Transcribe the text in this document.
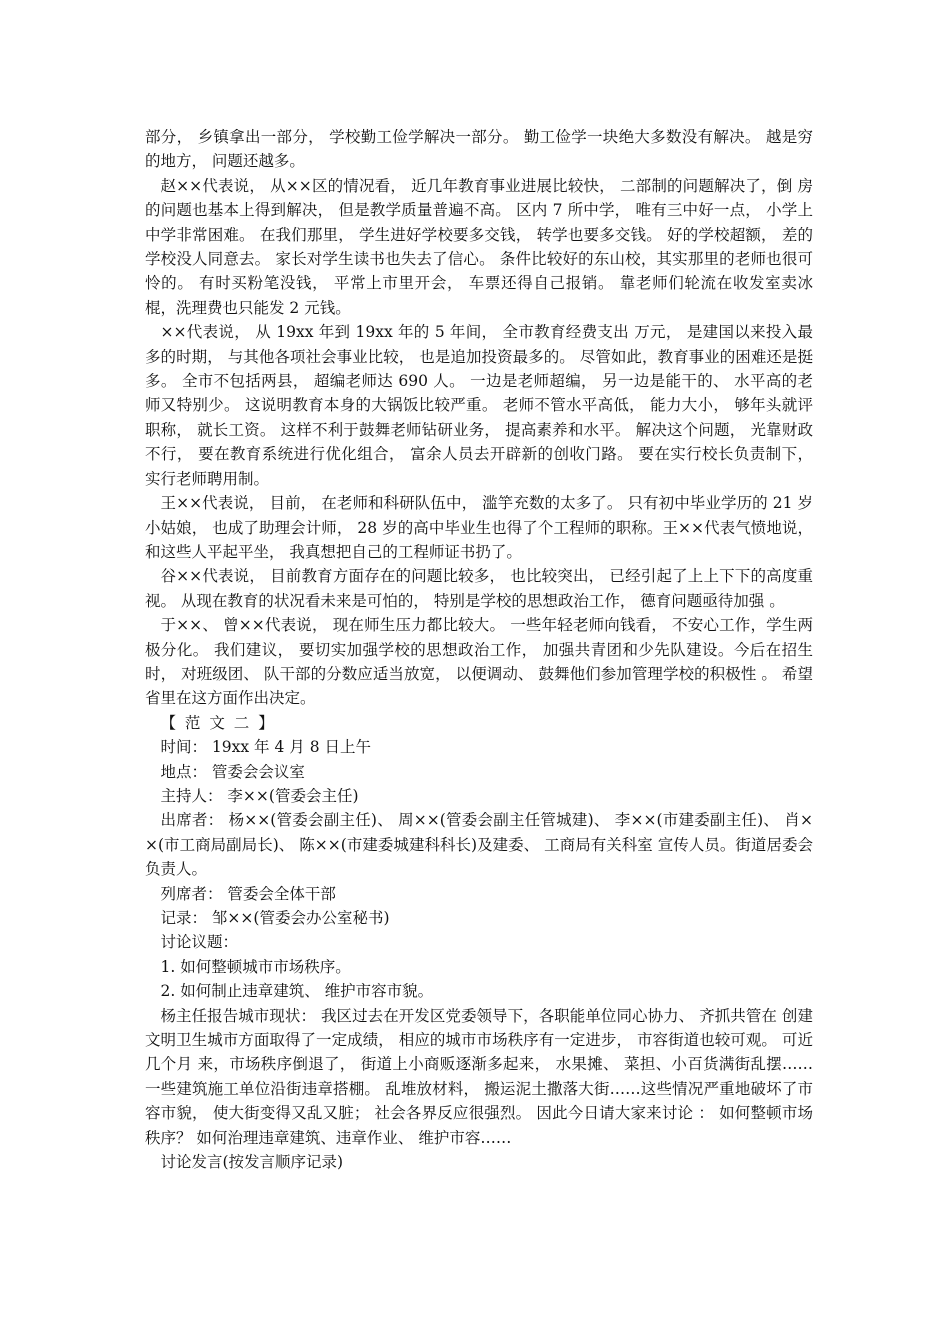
部分， 乡镇拿出一部分， 学校勤工俭学解决一部分。 勤工俭学一块绝大多数没有解决。 越是穷的地方， 问题还越多。

赵××代表说， 从××区的情况看， 近几年教育事业进展比较快， 二部制的问题解决了，倒 房的问题也基本上得到解决， 但是教学质量普遍不高。 区内 7 所中学， 唯有三中好一点， 小学上中学非常困难。 在我们那里， 学生进好学校要多交钱， 转学也要多交钱。 好的学校超额， 差的学校没人同意去。 家长对学生读书也失去了信心。 条件比较好的东山校，其实那里的老师也很可怜的。 有时买粉笔没钱， 平常上市里开会， 车票还得自己报销。 靠老师们轮流在收发室卖冰棍，洗理费也只能发 2 元钱。

××代表说， 从 19xx 年到 19xx 年的 5 年间， 全市教育经费支出 万元， 是建国以来投入最多的时期， 与其他各项社会事业比较， 也是追加投资最多的。 尽管如此，教育事业的困难还是挺多。 全市不包括两县， 超编老师达 690 人。 一边是老师超编， 另一边是能干的、 水平高的老师又特别少。 这说明教育本身的大锅饭比较严重。 老师不管水平高低， 能力大小， 够年头就评职称， 就长工资。 这样不利于鼓舞老师钻研业务， 提高素养和水平。 解决这个问题， 光靠财政不行， 要在教育系统进行优化组合， 富余人员去开辟新的创收门路。 要在实行校长负责制下， 实行老师聘用制。

王××代表说， 目前， 在老师和科研队伍中， 滥竽充数的太多了。 只有初中毕业学历的 21 岁小姑娘， 也成了助理会计师， 28 岁的高中毕业生也得了个工程师的职称。王××代表气愤地说， 和这些人平起平坐， 我真想把自己的工程师证书扔了。

谷××代表说， 目前教育方面存在的问题比较多， 也比较突出， 已经引起了上上下下的高度重视。 从现在教育的状况看未来是可怕的， 特别是学校的思想政治工作， 德育问题亟待加强 。

于××、 曾××代表说， 现在师生压力都比较大。 一些年轻老师向钱看， 不安心工作，学生两极分化。 我们建议， 要切实加强学校的思想政治工作， 加强共青团和少先队建设。今后在招生时， 对班级团、 队干部的分数应适当放宽， 以便调动、 鼓舞他们参加管理学校的积极性 。 希望省里在这方面作出决定。

【 范 文 二 】

时间： 19xx 年 4 月 8 日上午

地点： 管委会会议室

主持人： 李××(管委会主任)

出席者： 杨××(管委会副主任)、 周××(管委会副主任管城建)、 李××(市建委副主任)、 肖××(市工商局副局长)、 陈××(市建委城建科科长)及建委、 工商局有关科室 宣传人员。街道居委会负责人。

列席者： 管委会全体干部

记录： 邹××(管委会办公室秘书)

讨论议题：

1. 如何整顿城市市场秩序。

2. 如何制止违章建筑、 维护市容市貌。

杨主任报告城市现状： 我区过去在开发区党委领导下，各职能单位同心协力、 齐抓共管在 创建文明卫生城市方面取得了一定成绩， 相应的城市市场秩序有一定进步， 市容街道也较可观。 可近几个月 来，市场秩序倒退了， 街道上小商贩逐渐多起来， 水果摊、 菜担、小百货满街乱摆……一些建筑施工单位沿街违章搭棚。 乱堆放材料， 搬运泥土撒落大街……这些情况严重地破坏了市容市貌， 使大街变得又乱又脏； 社会各界反应很强烈。 因此今日请大家来讨论 ： 如何整顿市场秩序？ 如何治理违章建筑、违章作业、 维护市容……

讨论发言(按发言顺序记录)
